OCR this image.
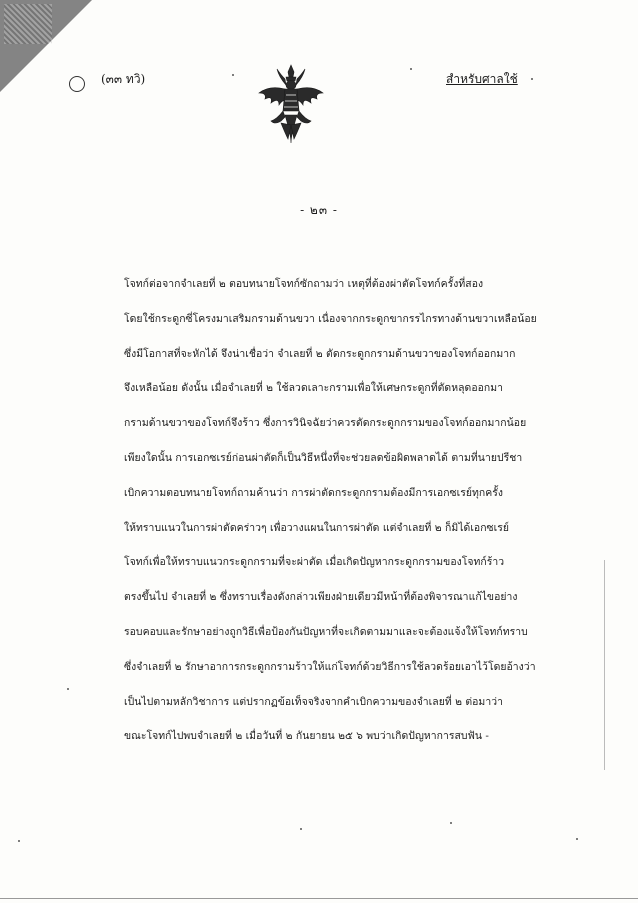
(๓๓ ทวิ)	สำหรับศาลใช้
- ๒๓ -
โจทก์ต่อจากจำเลยที่ ๒ ตอบทนายโจทก์ซักถามว่า เหตุที่ต้องผ่าตัดโจทก์ครั้งที่สอง
โดยใช้กระดูกซี่โครงมาเสริมกรามด้านขวา เนื่องจากกระดูกขากรรไกรทางด้านขวาเหลือน้อย
ซึ่งมีโอกาสที่จะหักได้ จึงน่าเชื่อว่า จำเลยที่ ๒ ตัดกระดูกกรามด้านขวาของโจทก์ออกมาก
จึงเหลือน้อย ดังนั้น เมื่อจำเลยที่ ๒ ใช้ลวดเลาะกรามเพื่อให้เศษกระดูกที่ตัดหลุดออกมา
กรามด้านขวาของโจทก์จึงร้าว ซึ่งการวินิจฉัยว่าควรตัดกระดูกกรามของโจทก์ออกมากน้อย
เพียงใดนั้น การเอกซเรย์ก่อนผ่าตัดก็เป็นวิธีหนึ่งที่จะช่วยลดข้อผิดพลาดได้ ตามที่นายปรีชา
เบิกความตอบทนายโจทก์ถามค้านว่า การผ่าตัดกระดูกกรามต้องมีการเอกซเรย์ทุกครั้ง
ให้ทราบแนวในการผ่าตัดคร่าวๆ เพื่อวางแผนในการผ่าตัด แต่จำเลยที่ ๒ ก็มิได้เอกซเรย์
โจทก์เพื่อให้ทราบแนวกระดูกกรามที่จะผ่าตัด เมื่อเกิดปัญหากระดูกกรามของโจทก์ร้าว
ตรงขึ้นไป จำเลยที่ ๒ ซึ่งทราบเรื่องดังกล่าวเพียงฝ่ายเดียวมีหน้าที่ต้องพิจารณาแก้ไขอย่าง
รอบคอบและรักษาอย่างถูกวิธีเพื่อป้องกันปัญหาที่จะเกิดตามมาและจะต้องแจ้งให้โจทก์ทราบ
ซึ่งจำเลยที่ ๒ รักษาอาการกระดูกกรามร้าวให้แก่โจทก์ด้วยวิธีการใช้ลวดร้อยเอาไว้โดยอ้างว่า
เป็นไปตามหลักวิชาการ แต่ปรากฏข้อเท็จจริงจากคำเบิกความของจำเลยที่ ๒ ต่อมาว่า
ขณะโจทก์ไปพบจำเลยที่ ๒ เมื่อวันที่ ๒ กันยายน ๒๕ ๖ พบว่าเกิดปัญหาการสบฟัน -
